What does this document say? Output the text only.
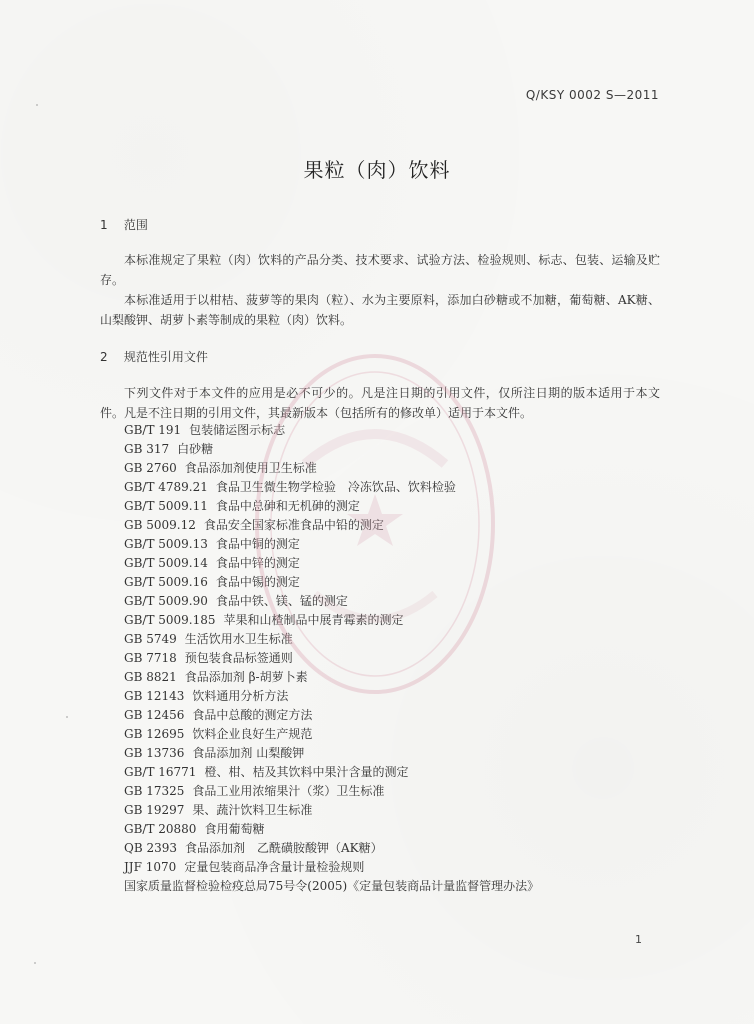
Q/KSY 0002 S—2011
果粒（肉）饮料
1 范围
本标准规定了果粒（肉）饮料的产品分类、技术要求、试验方法、检验规则、标志、包装、运输及贮存。
本标准适用于以柑桔、菠萝等的果肉（粒）、水为主要原料，添加白砂糖或不加糖，葡萄糖、AK糖、山梨酸钾、胡萝卜素等制成的果粒（肉）饮料。
2 规范性引用文件
下列文件对于本文件的应用是必不可少的。凡是注日期的引用文件，仅所注日期的版本适用于本文件。凡是不注日期的引用文件，其最新版本（包括所有的修改单）适用于本文件。
GB/T 191 包装储运图示标志
GB 317 白砂糖
GB 2760 食品添加剂使用卫生标准
GB/T 4789.21 食品卫生微生物学检验　冷冻饮品、饮料检验
GB/T 5009.11 食品中总砷和无机砷的测定
GB 5009.12 食品安全国家标准食品中铅的测定
GB/T 5009.13 食品中铜的测定
GB/T 5009.14 食品中锌的测定
GB/T 5009.16 食品中锡的测定
GB/T 5009.90 食品中铁、镁、锰的测定
GB/T 5009.185 苹果和山楂制品中展青霉素的测定
GB 5749 生活饮用水卫生标准
GB 7718 预包装食品标签通则
GB 8821 食品添加剂 β-胡萝卜素
GB 12143 饮料通用分析方法
GB 12456 食品中总酸的测定方法
GB 12695 饮料企业良好生产规范
GB 13736 食品添加剂 山梨酸钾
GB/T 16771 橙、柑、桔及其饮料中果汁含量的测定
GB 17325 食品工业用浓缩果汁（浆）卫生标准
GB 19297 果、蔬汁饮料卫生标准
GB/T 20880 食用葡萄糖
QB 2393 食品添加剂　乙酰磺胺酸钾（AK糖）
JJF 1070 定量包装商品净含量计量检验规则
国家质量监督检验检疫总局75号令(2005)《定量包装商品计量监督管理办法》
1
